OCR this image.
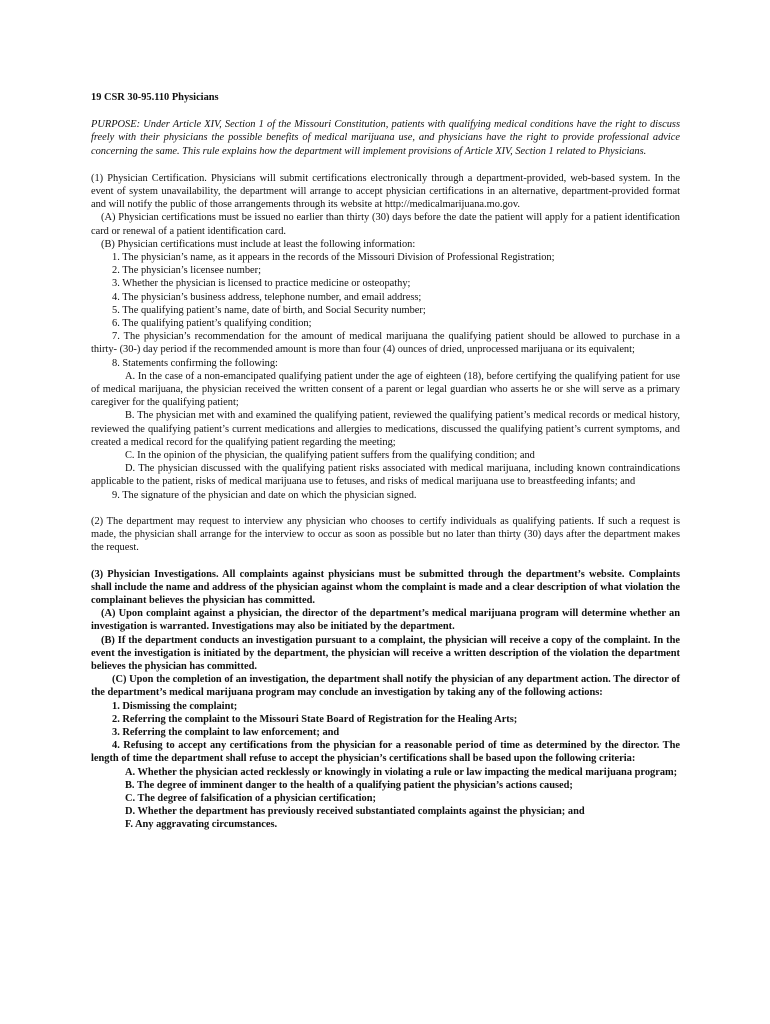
19 CSR 30-95.110 Physicians

PURPOSE: Under Article XIV, Section 1 of the Missouri Constitution, patients with qualifying medical conditions have the right to discuss freely with their physicians the possible benefits of medical marijuana use, and physicians have the right to provide professional advice concerning the same. This rule explains how the department will implement provisions of Article XIV, Section 1 related to Physicians.

(1) Physician Certification. Physicians will submit certifications electronically through a department-provided, web-based system. In the event of system unavailability, the department will arrange to accept physician certifications in an alternative, department-provided format and will notify the public of those arrangements through its website at http://medicalmarijuana.mo.gov.

(A) Physician certifications must be issued no earlier than thirty (30) days before the date the patient will apply for a patient identification card or renewal of a patient identification card.

(B) Physician certifications must include at least the following information:

1. The physician’s name, as it appears in the records of the Missouri Division of Professional Registration;

2. The physician’s licensee number;

3. Whether the physician is licensed to practice medicine or osteopathy;

4. The physician’s business address, telephone number, and email address;

5. The qualifying patient’s name, date of birth, and Social Security number;

6. The qualifying patient’s qualifying condition;

7. The physician’s recommendation for the amount of medical marijuana the qualifying patient should be allowed to purchase in a thirty- (30-) day period if the recommended amount is more than four (4) ounces of dried, unprocessed marijuana or its equivalent;

8. Statements confirming the following:

A. In the case of a non-emancipated qualifying patient under the age of eighteen (18), before certifying the qualifying patient for use of medical marijuana, the physician received the written consent of a parent or legal guardian who asserts he or she will serve as a primary caregiver for the qualifying patient;

B. The physician met with and examined the qualifying patient, reviewed the qualifying patient’s medical records or medical history, reviewed the qualifying patient’s current medications and allergies to medications, discussed the qualifying patient’s current symptoms, and created a medical record for the qualifying patient regarding the meeting;

C. In the opinion of the physician, the qualifying patient suffers from the qualifying condition; and

D. The physician discussed with the qualifying patient risks associated with medical marijuana, including known contraindications applicable to the patient, risks of medical marijuana use to fetuses, and risks of medical marijuana use to breastfeeding infants; and

9. The signature of the physician and date on which the physician signed.

(2) The department may request to interview any physician who chooses to certify individuals as qualifying patients. If such a request is made, the physician shall arrange for the interview to occur as soon as possible but no later than thirty (30) days after the department makes the request.

(3) Physician Investigations. All complaints against physicians must be submitted through the department’s website. Complaints shall include the name and address of the physician against whom the complaint is made and a clear description of what violation the complainant believes the physician has committed.

(A) Upon complaint against a physician, the director of the department’s medical marijuana program will determine whether an investigation is warranted. Investigations may also be initiated by the department.

(B) If the department conducts an investigation pursuant to a complaint, the physician will receive a copy of the complaint. In the event the investigation is initiated by the department, the physician will receive a written description of the violation the department believes the physician has committed.

(C) Upon the completion of an investigation, the department shall notify the physician of any department action. The director of the department’s medical marijuana program may conclude an investigation by taking any of the following actions:

1. Dismissing the complaint;

2. Referring the complaint to the Missouri State Board of Registration for the Healing Arts;

3. Referring the complaint to law enforcement; and

4. Refusing to accept any certifications from the physician for a reasonable period of time as determined by the director. The length of time the department shall refuse to accept the physician’s certifications shall be based upon the following criteria:

A. Whether the physician acted recklessly or knowingly in violating a rule or law impacting the medical marijuana program;

B. The degree of imminent danger to the health of a qualifying patient the physician’s actions caused;

C. The degree of falsification of a physician certification;

D. Whether the department has previously received substantiated complaints against the physician; and

F. Any aggravating circumstances.
